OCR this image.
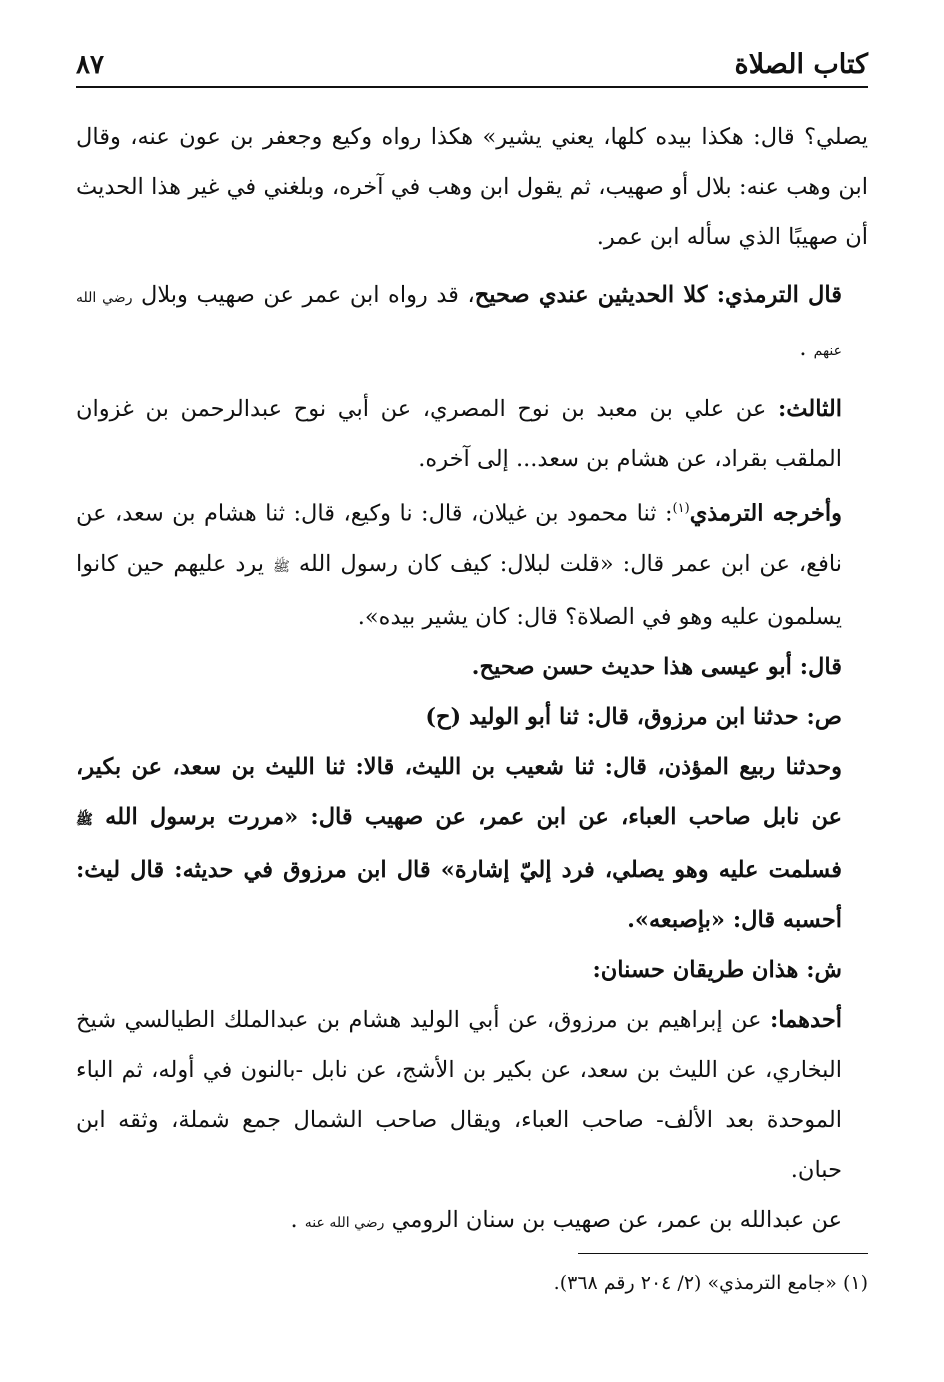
٨٧	كتاب الصلاة

يصلي؟ قال: هكذا بيده كلها، يعني يشير» هكذا رواه وكيع وجعفر بن عون عنه، وقال ابن وهب عنه: بلال أو صهيب، ثم يقول ابن وهب في آخره، وبلغني في غير هذا الحديث أن صهيبًا الذي سأله ابن عمر.

قال الترمذي: كلا الحديثين عندي صحيح، قد رواه ابن عمر عن صهيب وبلال رضي الله عنهم .

الثالث: عن علي بن معبد بن نوح المصري، عن أبي نوح عبدالرحمن بن غزوان الملقب بقراد، عن هشام بن سعد... إلى آخره.

وأخرجه الترمذي$^{(١)}$: ثنا محمود بن غيلان، قال: نا وكيع، قال: ثنا هشام بن سعد، عن نافع، عن ابن عمر قال: «قلت لبلال: كيف كان رسول الله ﷺ يرد عليهم حين كانوا يسلمون عليه وهو في الصلاة؟ قال: كان يشير بيده».

قال: أبو عيسى هذا حديث حسن صحيح.

ص: حدثنا ابن مرزوق، قال: ثنا أبو الوليد (ح)

وحدثنا ربيع المؤذن، قال: ثنا شعيب بن الليث، قالا: ثنا الليث بن سعد، عن بكير، عن نابل صاحب العباء، عن ابن عمر، عن صهيب قال: «مررت برسول الله ﷺ فسلمت عليه وهو يصلي، فرد إليّ إشارة» قال ابن مرزوق في حديثه: قال ليث: أحسبه قال: «بإصبعه».

ش: هذان طريقان حسنان:

أحدهما: عن إبراهيم بن مرزوق، عن أبي الوليد هشام بن عبدالملك الطيالسي شيخ البخاري، عن الليث بن سعد، عن بكير بن الأشج، عن نابل -بالنون في أوله، ثم الباء الموحدة بعد الألف- صاحب العباء، ويقال صاحب الشمال جمع شملة، وثقه ابن حبان.

عن عبدالله بن عمر، عن صهيب بن سنان الرومي رضي الله عنه .

(١) «جامع الترمذي» (٢/ ٢٠٤ رقم ٣٦٨).
